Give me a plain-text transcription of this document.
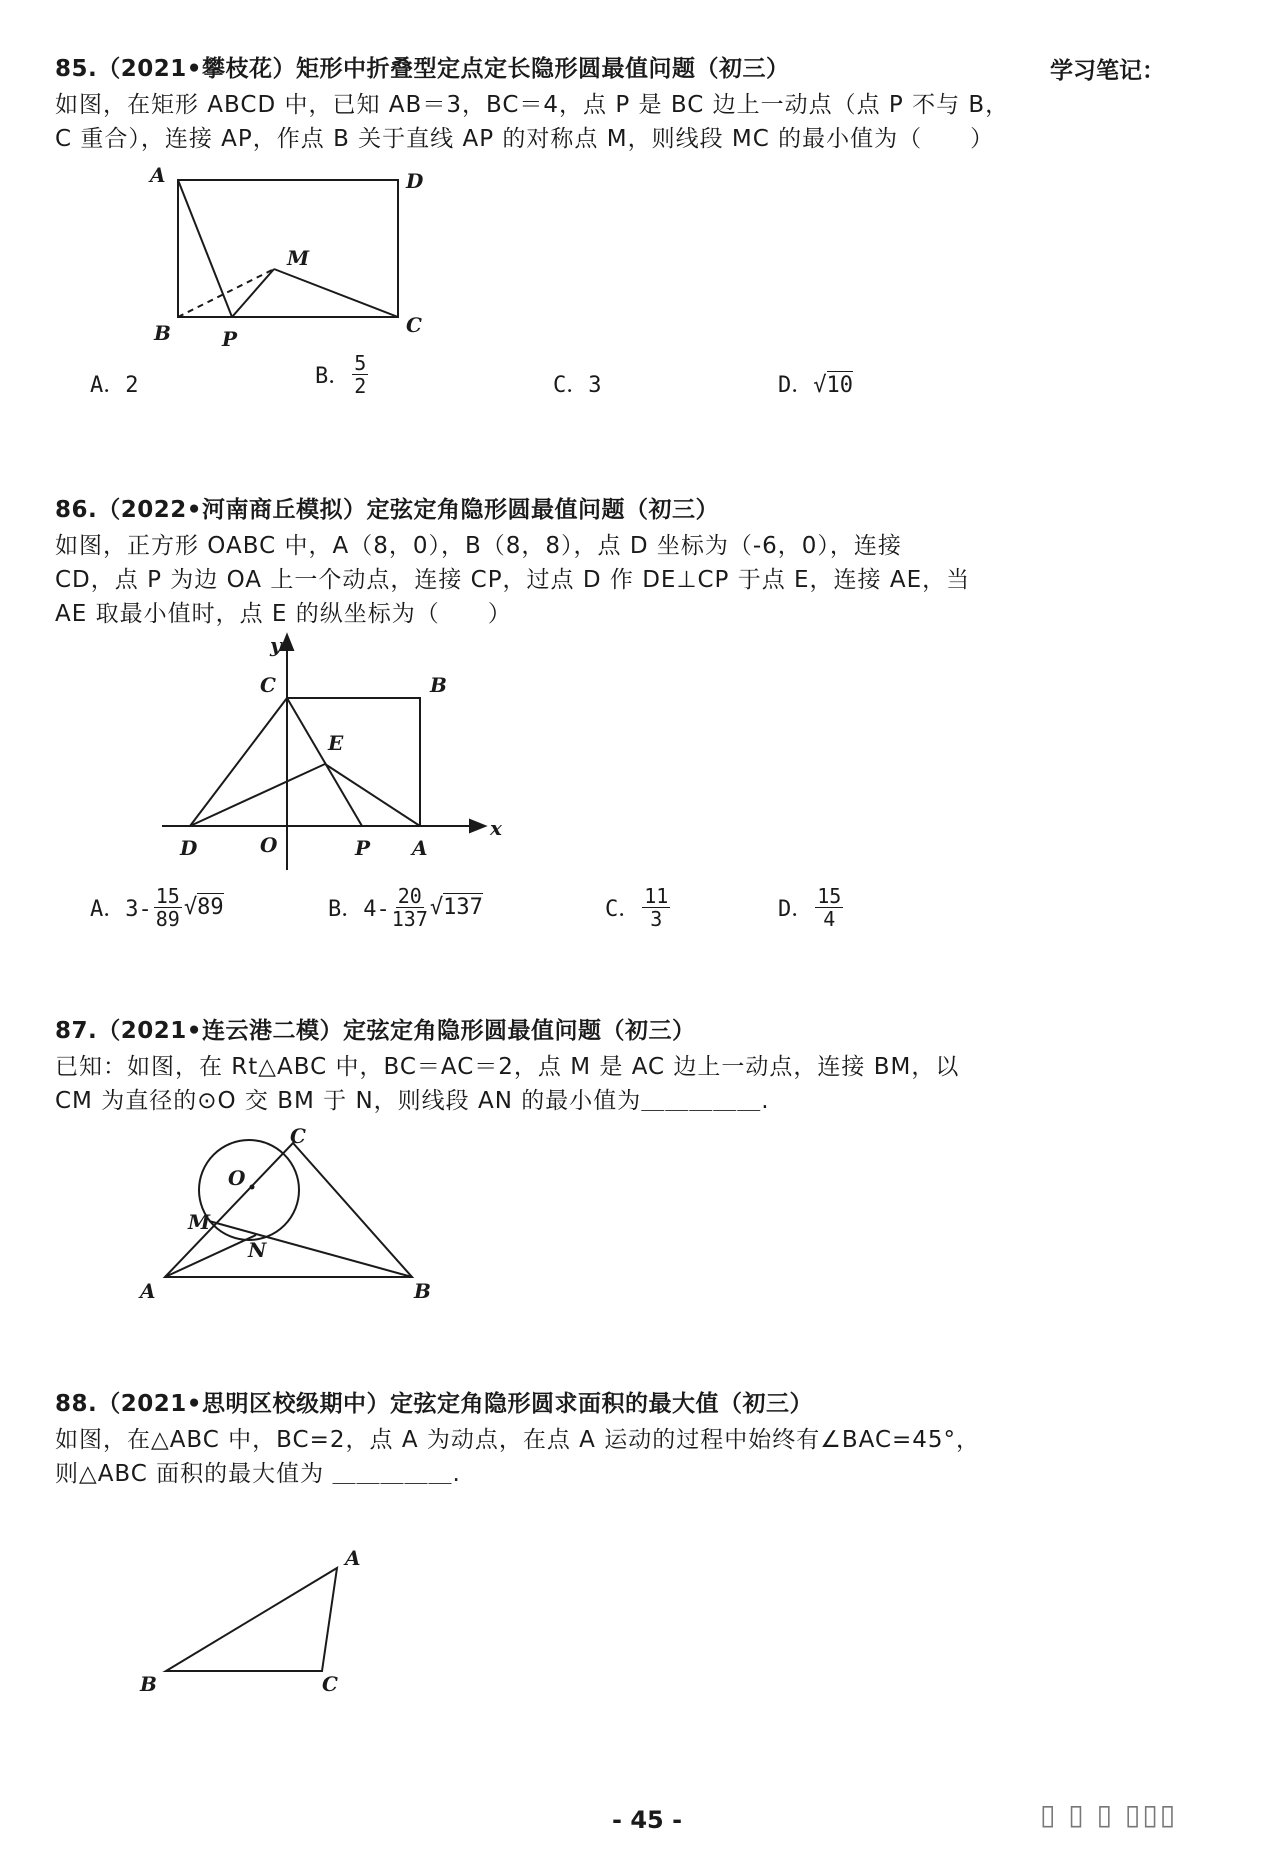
学习笔记：
85.（2021•攀枝花）矩形中折叠型定点定长隐形圆最值问题（初三）
如图，在矩形 ABCD 中，已知 AB＝3，BC＝4，点 P 是 BC 边上一动点（点 P 不与 B，
C 重合），连接 AP，作点 B 关于直线 AP 的对称点 M，则线段 MC 的最小值为（　　）
A	D
M
B	P
C
A．2	B． $\frac{5}{2}$	C．3	D．√10
86.（2022•河南商丘模拟）定弦定角隐形圆最值问题（初三）
如图，正方形 OABC 中，A（8，0），B（8，8），点 D 坐标为（-6，0），连接
CD，点 P 为边 OA 上一个动点，连接 CP，过点 D 作 DE⊥CP 于点 E，连接 AE，当
AE 取最小值时，点 E 的纵坐标为（　　）
y
x
C	B
E
D	O	P A
A．$3- \frac{15}{89} √89$	B．$4- \frac{20}{137} √137$	C． $\frac{11}{3}$	D． $\frac{15}{4}$
87.（2021•连云港二模）定弦定角隐形圆最值问题（初三）
已知：如图，在 Rt△ABC 中，BC＝AC＝2，点 M 是 AC 边上一动点，连接 BM，以
CM 为直径的⊙O 交 BM 于 N，则线段 AN 的最小值为＿＿＿＿＿.
C
O
M
N
A	B
88.（2021•思明区校级期中）定弦定角隐形圆求面积的最大值（初三）
如图，在△ABC 中，BC=2，点 A 为动点，在点 A 运动的过程中始终有∠BAC=45°，
则△ABC 面积的最大值为 ＿＿＿＿＿.
A
B	C
- 45 -	▯ ▯ ▯ ▯▯▯
